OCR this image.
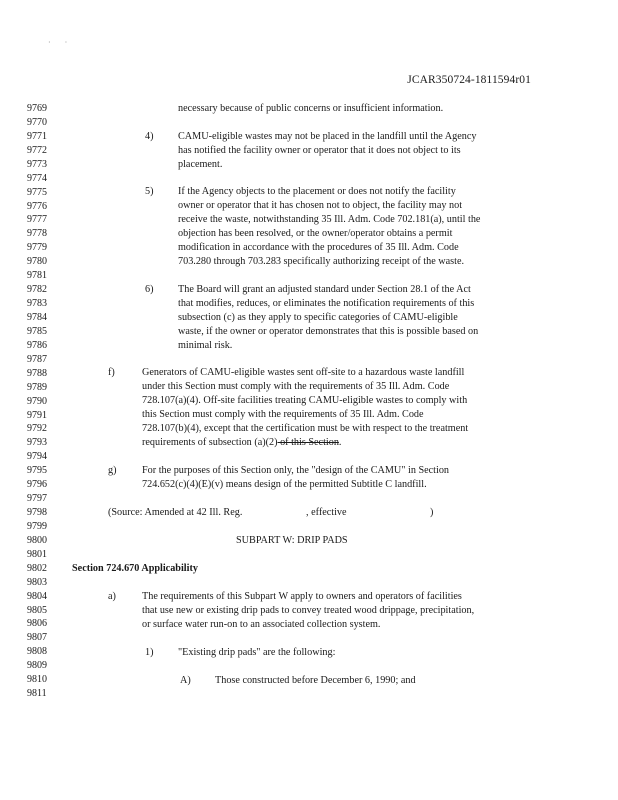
· ·
JCAR350724-1811594r01
9769
9770
9771
9772
9773
9774
9775
9776
9777
9778
9779
9780
9781
9782
9783
9784
9785
9786
9787
9788
9789
9790
9791
9792
9793
9794
9795
9796
9797
9798
9799
9800
9801
9802
9803
9804
9805
9806
9807
9808
9809
9810
9811
necessary because of public concerns or insufficient information.
4) CAMU-eligible wastes may not be placed in the landfill until the Agency
has notified the facility owner or operator that it does not object to its
placement.
5) If the Agency objects to the placement or does not notify the facility
owner or operator that it has chosen not to object, the facility may not
receive the waste, notwithstanding 35 Ill. Adm. Code 702.181(a), until the
objection has been resolved, or the owner/operator obtains a permit
modification in accordance with the procedures of 35 Ill. Adm. Code
703.280 through 703.283 specifically authorizing receipt of the waste.
6) The Board will grant an adjusted standard under Section 28.1 of the Act
that modifies, reduces, or eliminates the notification requirements of this
subsection (c) as they apply to specific categories of CAMU-eligible
waste, if the owner or operator demonstrates that this is possible based on
minimal risk.
f)	Generators of CAMU-eligible wastes sent off-site to a hazardous waste landfill
under this Section must comply with the requirements of 35 Ill. Adm. Code
728.107(a)(4). Off-site facilities treating CAMU-eligible wastes to comply with
this Section must comply with the requirements of 35 Ill. Adm. Code
728.107(b)(4), except that the certification must be with respect to the treatment
requirements of subsection (a)(2) of this Section.
g)	For the purposes of this Section only, the "design of the CAMU" in Section
724.652(c)(4)(E)(v) means design of the permitted Subtitle C landfill.
(Source: Amended at 42 Ill. Reg.	, effective	)
SUBPART W: DRIP PADS
Section 724.670 Applicability
a)	The requirements of this Subpart W apply to owners and operators of facilities
that use new or existing drip pads to convey treated wood drippage, precipitation,
or surface water run-on to an associated collection system.
1) "Existing drip pads" are the following:
A) Those constructed before December 6, 1990; and
